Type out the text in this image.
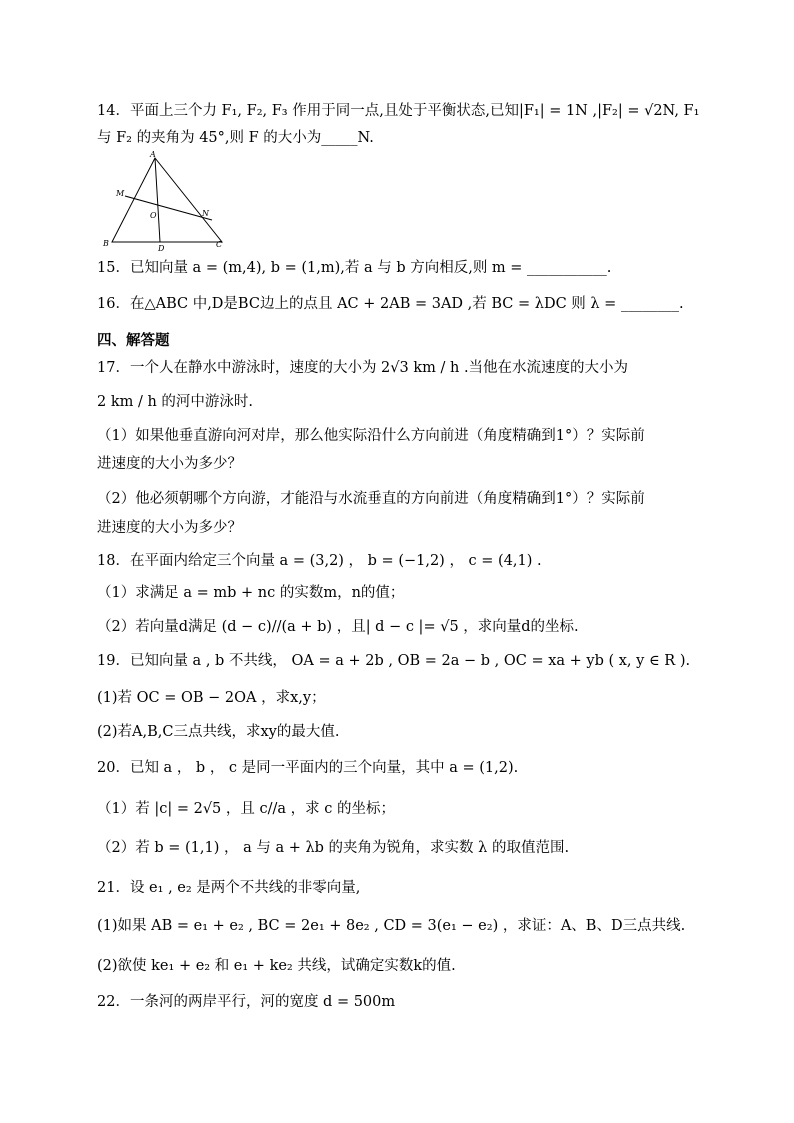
14．平面上三个力 F₁, F₂, F₃ 作用于同一点,且处于平衡状态,已知|F₁| = 1N ,|F₂| = √2N, F₁
与 F₂ 的夹角为 45°,则 F 的大小为_____N.
A
M
O	N
B
D	C
15．已知向量 a = (m,4), b = (1,m),若 a 与 b 方向相反,则 m = ___________.
16．在△ABC 中,D是BC边上的点且 AC + 2AB = 3AD ,若 BC = λDC 则 λ = ________.
四、解答题
17．一个人在静水中游泳时，速度的大小为 2√3 km / h .当他在水流速度的大小为
2 km / h 的河中游泳时.
（1）如果他垂直游向河对岸，那么他实际沿什么方向前进（角度精确到1°）？实际前
进速度的大小为多少？
（2）他必须朝哪个方向游，才能沿与水流垂直的方向前进（角度精确到1°）？实际前
进速度的大小为多少？
18．在平面内给定三个向量 a = (3,2) ， b = (−1,2) ， c = (4,1) .
（1）求满足 a = mb + nc 的实数m，n的值；
（2）若向量d满足 (d − c)//(a + b) ，且| d − c |= √5 ，求向量d的坐标.
19．已知向量 a , b 不共线， OA = a + 2b , OB = 2a − b , OC = xa + yb ( x, y ∈ R ).
(1)若 OC = OB − 2OA ，求x,y；
(2)若A,B,C三点共线，求xy的最大值.
20．已知 a ， b ， c 是同一平面内的三个向量，其中 a = (1,2).
（1）若 |c| = 2√5 ，且 c//a ，求 c 的坐标；
（2）若 b = (1,1) ， a 与 a + λb 的夹角为锐角，求实数 λ 的取值范围.
21．设 e₁ , e₂ 是两个不共线的非零向量,
(1)如果 AB = e₁ + e₂ , BC = 2e₁ + 8e₂ , CD = 3(e₁ − e₂) ，求证：A、B、D三点共线.
(2)欲使 ke₁ + e₂ 和 e₁ + ke₂ 共线，试确定实数k的值.
22．一条河的两岸平行，河的宽度 d = 500m
